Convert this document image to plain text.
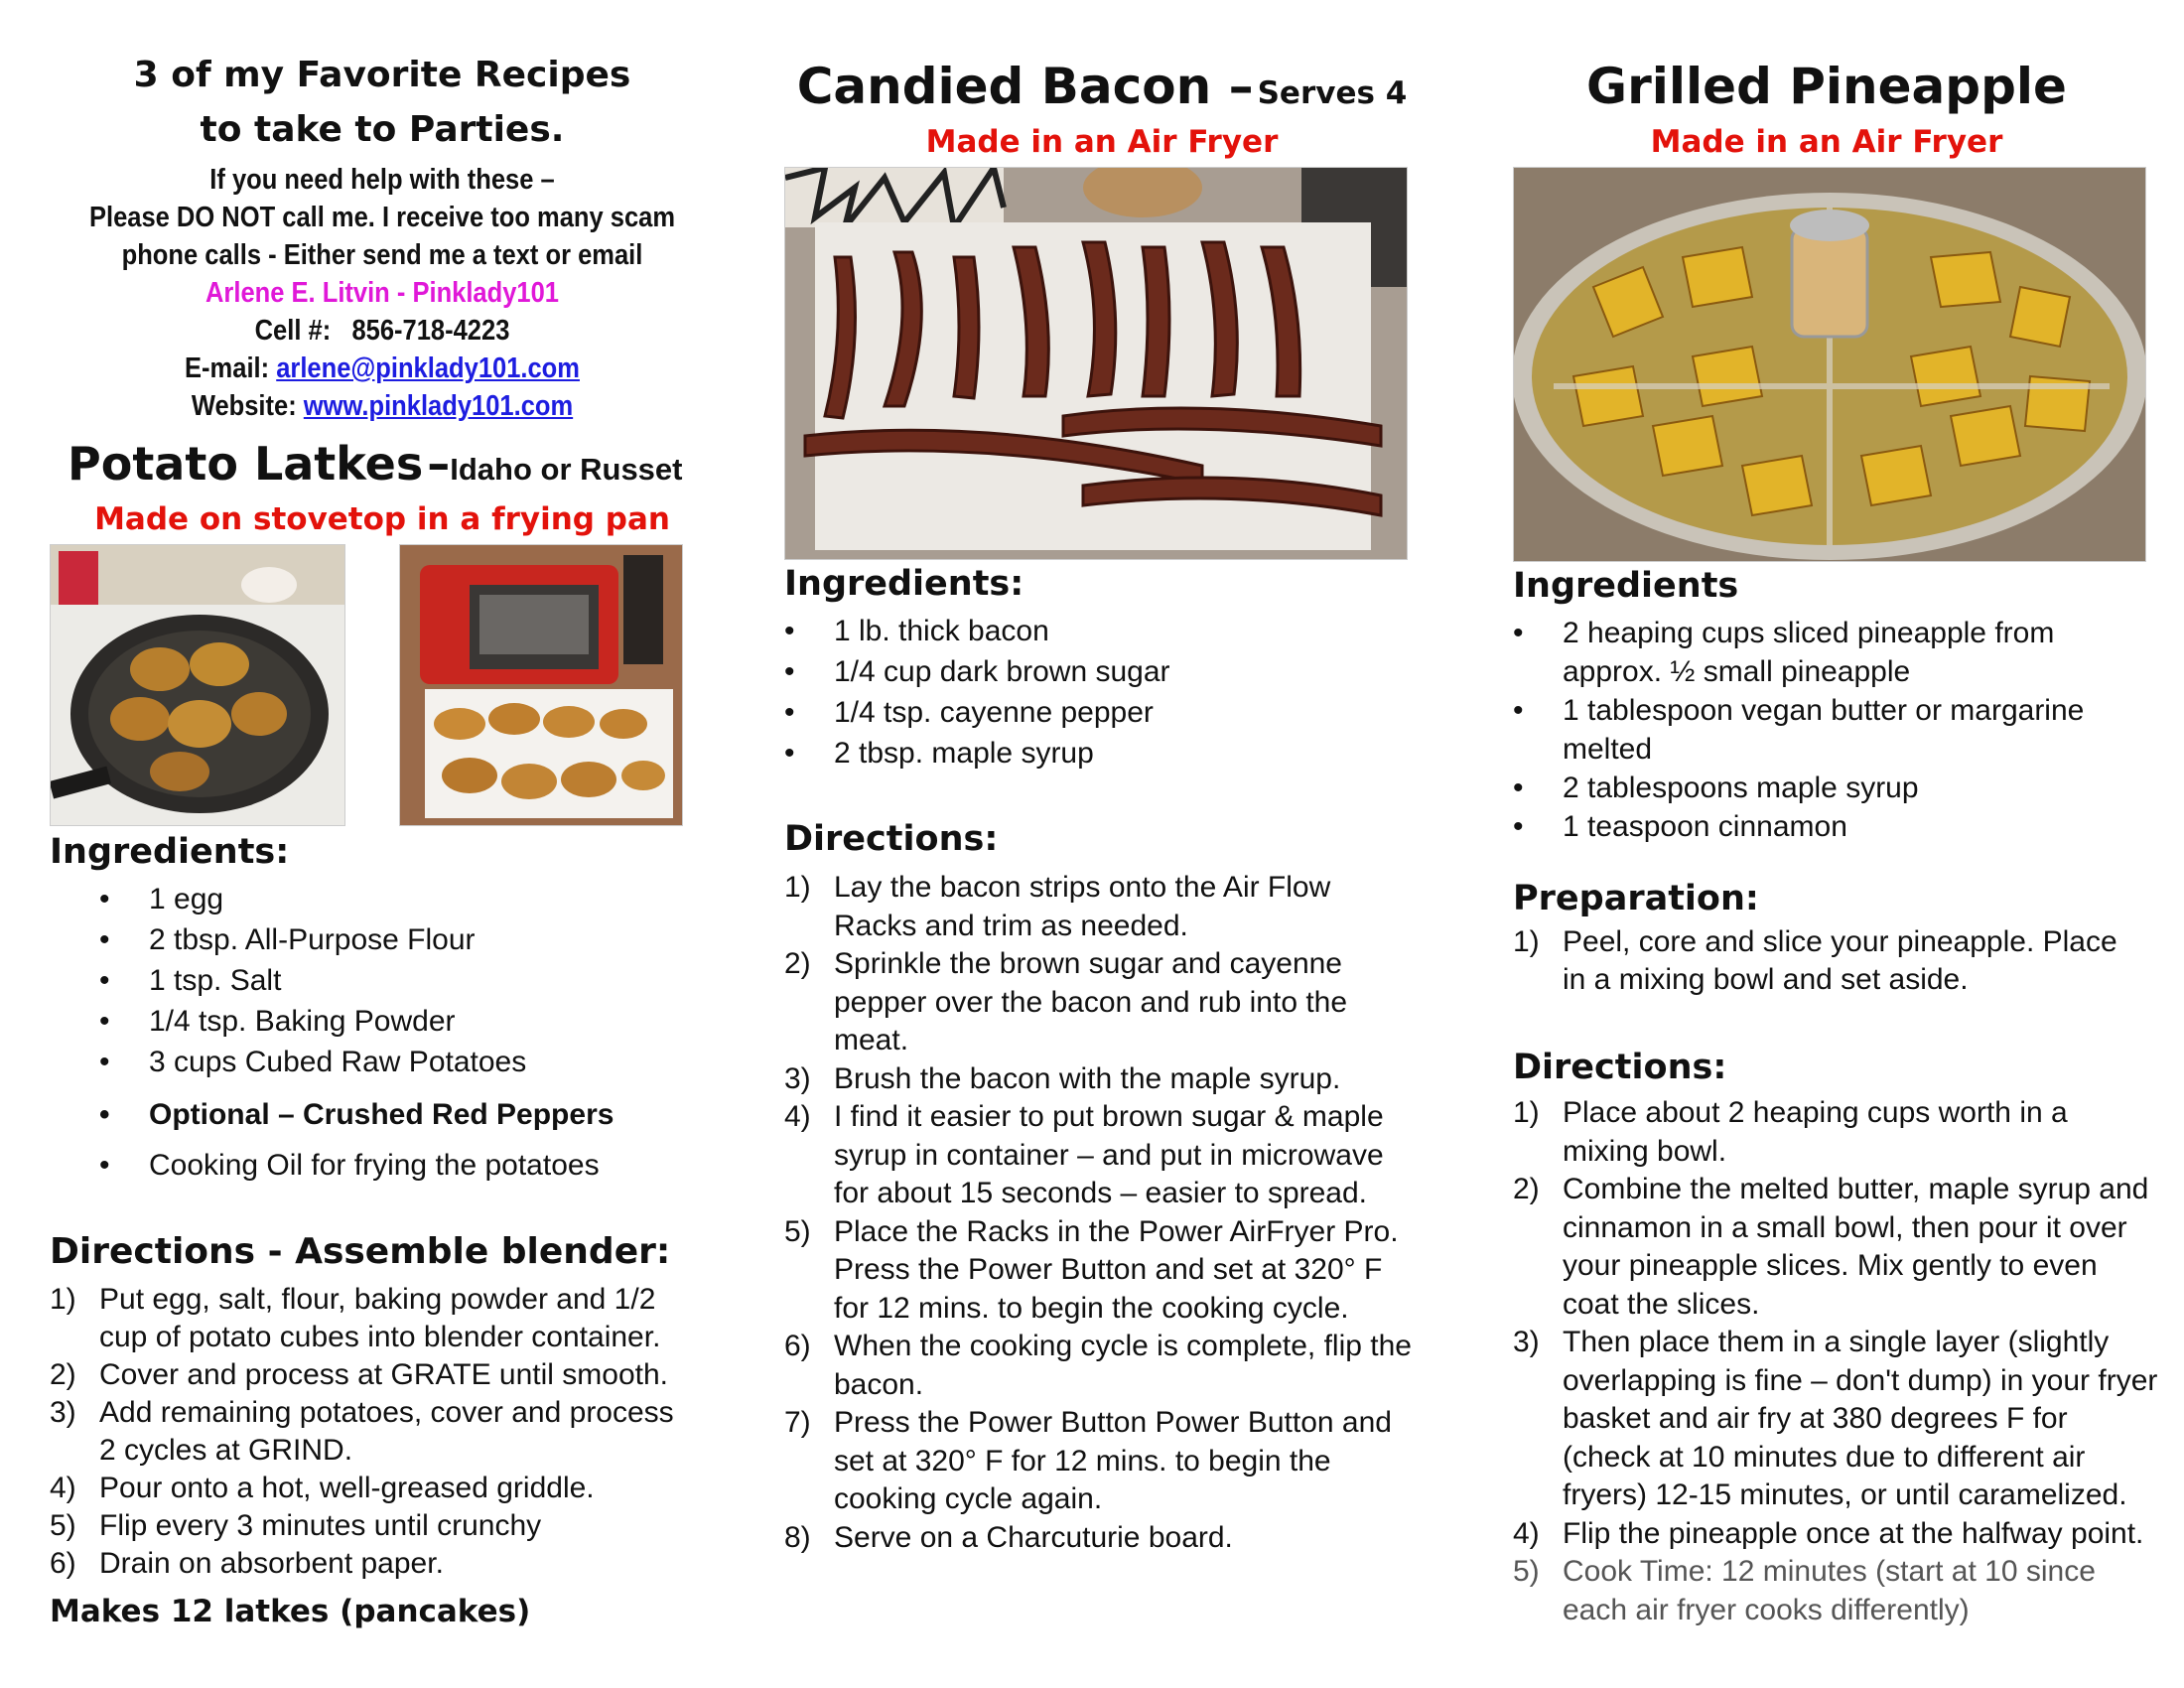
3 of my Favorite Recipes
to take to Parties.
If you need help with these –
Please DO NOT call me. I receive too many scam
phone calls - Either send me a text or email
Arlene E. Litvin - Pinklady101
Cell #: 856-718-4223
E-mail: arlene@pinklady101.com
Website: www.pinklady101.com
Potato Latkes –Idaho or Russet
Made on stovetop in a frying pan
Ingredients:
• 1 egg
• 2 tbsp. All-Purpose Flour
• 1 tsp. Salt
• 1/4 tsp. Baking Powder
• 3 cups Cubed Raw Potatoes
• Optional – Crushed Red Peppers
• Cooking Oil for frying the potatoes
Directions - Assemble blender:
1) Put egg, salt, flour, baking powder and 1/2 cup of potato cubes into blender container.
2) Cover and process at GRATE until smooth.
3) Add remaining potatoes, cover and process 2 cycles at GRIND.
4) Pour onto a hot, well-greased griddle.
5) Flip every 3 minutes until crunchy
6) Drain on absorbent paper.
Makes 12 latkes (pancakes)
Candied Bacon – Serves 4
Made in an Air Fryer
Ingredients:
• 1 lb. thick bacon
• 1/4 cup dark brown sugar
• 1/4 tsp. cayenne pepper
• 2 tbsp. maple syrup
Directions:
1) Lay the bacon strips onto the Air Flow Racks and trim as needed.
2) Sprinkle the brown sugar and cayenne pepper over the bacon and rub into the meat.
3) Brush the bacon with the maple syrup.
4) I find it easier to put brown sugar & maple syrup in container – and put in microwave for about 15 seconds – easier to spread.
5) Place the Racks in the Power AirFryer Pro. Press the Power Button and set at 320° F for 12 mins. to begin the cooking cycle.
6) When the cooking cycle is complete, flip the bacon.
7) Press the Power Button Power Button and set at 320° F for 12 mins. to begin the cooking cycle again.
8) Serve on a Charcuturie board.
Grilled Pineapple
Made in an Air Fryer
Ingredients
• 2 heaping cups sliced pineapple from approx. ½ small pineapple
• 1 tablespoon vegan butter or margarine melted
• 2 tablespoons maple syrup
• 1 teaspoon cinnamon
Preparation:
1) Peel, core and slice your pineapple. Place in a mixing bowl and set aside.
Directions:
1) Place about 2 heaping cups worth in a mixing bowl.
2) Combine the melted butter, maple syrup and cinnamon in a small bowl, then pour it over your pineapple slices. Mix gently to even coat the slices.
3) Then place them in a single layer (slightly overlapping is fine – don't dump) in your fryer basket and air fry at 380 degrees F for (check at 10 minutes due to different air fryers) 12-15 minutes, or until caramelized.
4) Flip the pineapple once at the halfway point.
5) Cook Time: 12 minutes (start at 10 since each air fryer cooks differently)
